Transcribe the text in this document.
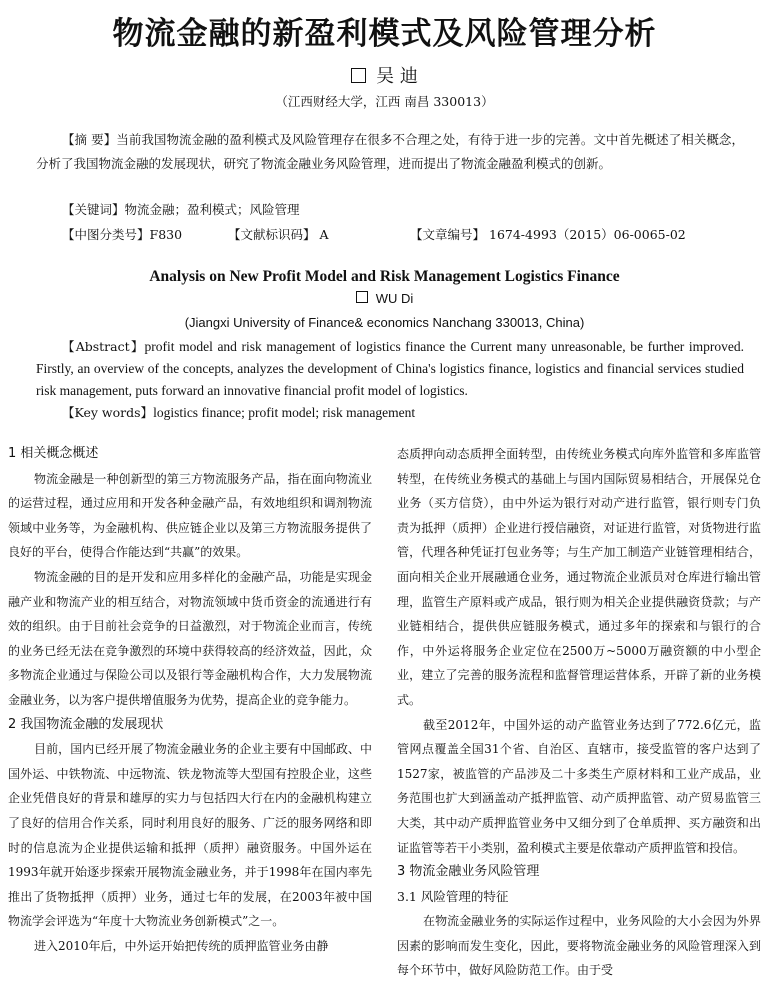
物流金融的新盈利模式及风险管理分析
吴 迪
（江西财经大学，江西 南昌 330013）
【摘 要】当前我国物流金融的盈利模式及风险管理存在很多不合理之处，有待于进一步的完善。文中首先概述了相关概念，分析了我国物流金融的发展现状，研究了物流金融业务风险管理，进而提出了物流金融盈利模式的创新。
【关键词】物流金融；盈利模式；风险管理
【中图分类号】F830	【文献标识码】 A	【文章编号】 1674-4993（2015）06-0065-02
Analysis on New Profit Model and Risk Management Logistics Finance
WU Di
(Jiangxi University of Finance& economics Nanchang 330013, China)
【Abstract】profit model and risk management of logistics finance the Current many unreasonable, be further improved. Firstly, an overview of the concepts, analyzes the development of China's logistics finance, logistics and financial services studied risk management, puts forward an innovative financial profit model of logistics.
【Key words】logistics finance; profit model; risk management
1 相关概念概述

物流金融是一种创新型的第三方物流服务产品，指在面向物流业的运营过程，通过应用和开发各种金融产品，有效地组织和调剂物流领域中业务等，为金融机构、供应链企业以及第三方物流服务提供了良好的平台，使得合作能达到“共赢”的效果。

物流金融的目的是开发和应用多样化的金融产品，功能是实现金融产业和物流产业的相互结合，对物流领域中货币资金的流通进行有效的组织。由于目前社会竞争的日益激烈，对于物流企业而言，传统的业务已经无法在竞争激烈的环境中获得较高的经济效益，因此，众多物流企业通过与保险公司以及银行等金融机构合作，大力发展物流金融业务，以为客户提供增值服务为优势，提高企业的竞争能力。

2 我国物流金融的发展现状

目前，国内已经开展了物流金融业务的企业主要有中国邮政、中国外运、中铁物流、中远物流、铁龙物流等大型国有控股企业，这些企业凭借良好的背景和雄厚的实力与包括四大行在内的金融机构建立了良好的信用合作关系，同时利用良好的服务、广泛的服务网络和即时的信息流为企业提供运输和抵押（质押）融资服务。中国外运在1993年就开始逐步探索开展物流金融业务，并于1998年在国内率先推出了货物抵押（质押）业务，通过七年的发展，在2003年被中国物流学会评选为“年度十大物流业务创新模式”之一。

进入2010年后，中外运开始把传统的质押监管业务由静

态质押向动态质押全面转型，由传统业务模式向库外监管和多库监管转型，在传统业务模式的基础上与国内国际贸易相结合，开展保兑仓业务（买方信贷），由中外运为银行对动产进行监管，银行则专门负责为抵押（质押）企业进行授信融资，对证进行监管，对货物进行监管，代理各种凭证打包业务等；与生产加工制造产业链管理相结合，面向相关企业开展融通仓业务，通过物流企业派员对仓库进行输出管理，监管生产原料或产成品，银行则为相关企业提供融资贷款；与产业链相结合，提供供应链服务模式，通过多年的探索和与银行的合作，中外运将服务企业定位在2500万~5000万融资额的中小型企业，建立了完善的服务流程和监督管理运营体系，开辟了新的业务模式。

截至2012年，中国外运的动产监管业务达到了772.6亿元，监管网点覆盖全国31个省、自治区、直辖市，接受监管的客户达到了1527家，被监管的产品涉及二十多类生产原材料和工业产成品，业务范围也扩大到涵盖动产抵押监管、动产质押监管、动产贸易监管三大类，其中动产质押监管业务中又细分到了仓单质押、买方融资和出证监管等若干小类别，盈利模式主要是依靠动产质押监管和投信。

3 物流金融业务风险管理
3.1 风险管理的特征

在物流金融业务的实际运作过程中，业务风险的大小会因为外界因素的影响而发生变化，因此，要将物流金融业务的风险管理深入到每个环节中，做好风险防范工作。由于受
